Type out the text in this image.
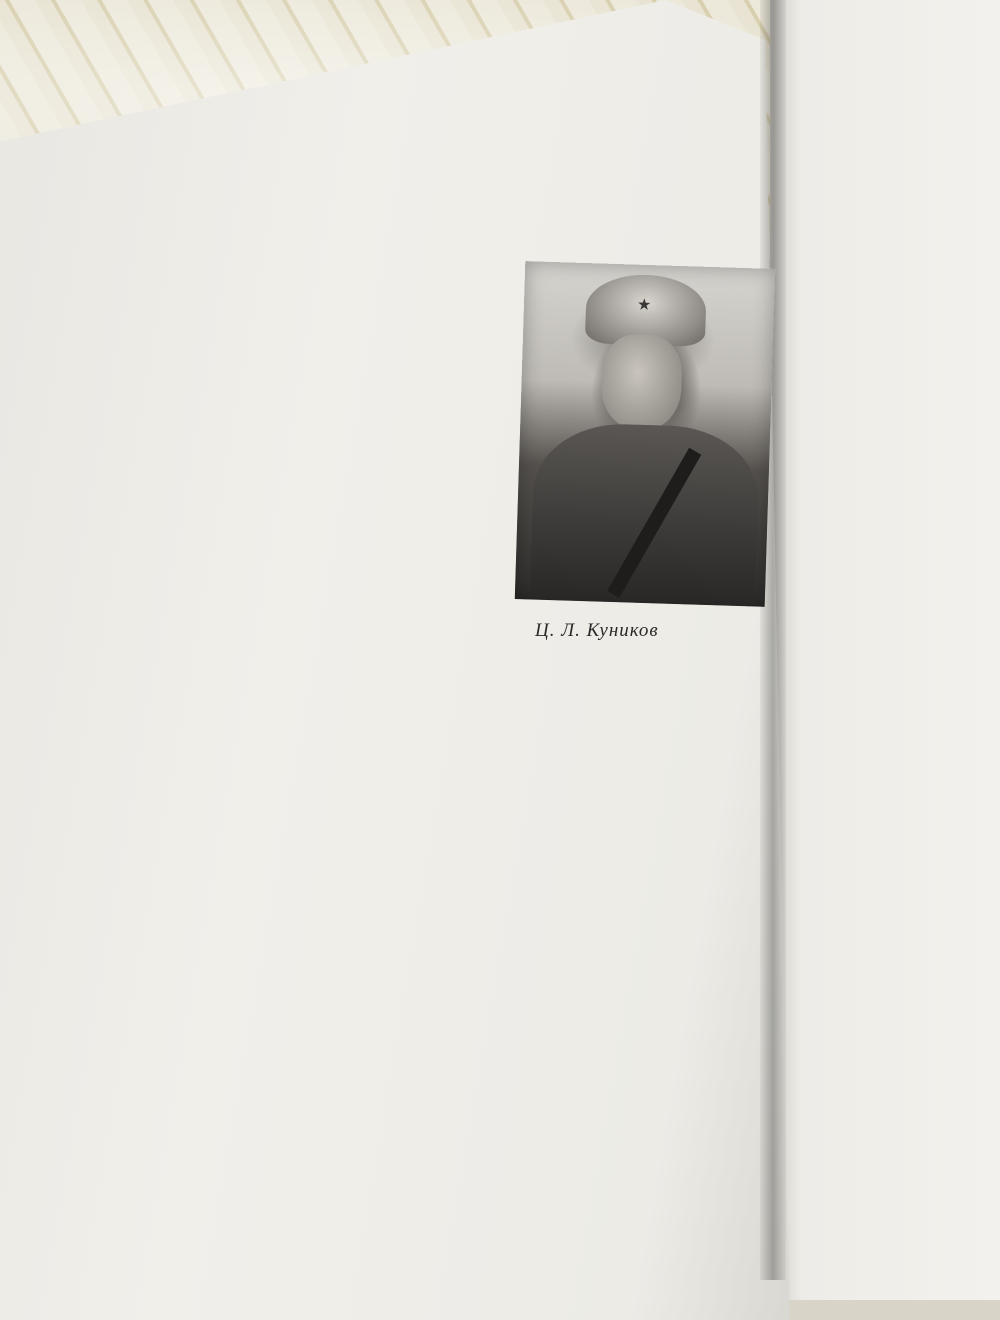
★
Ц. Л. Куников
